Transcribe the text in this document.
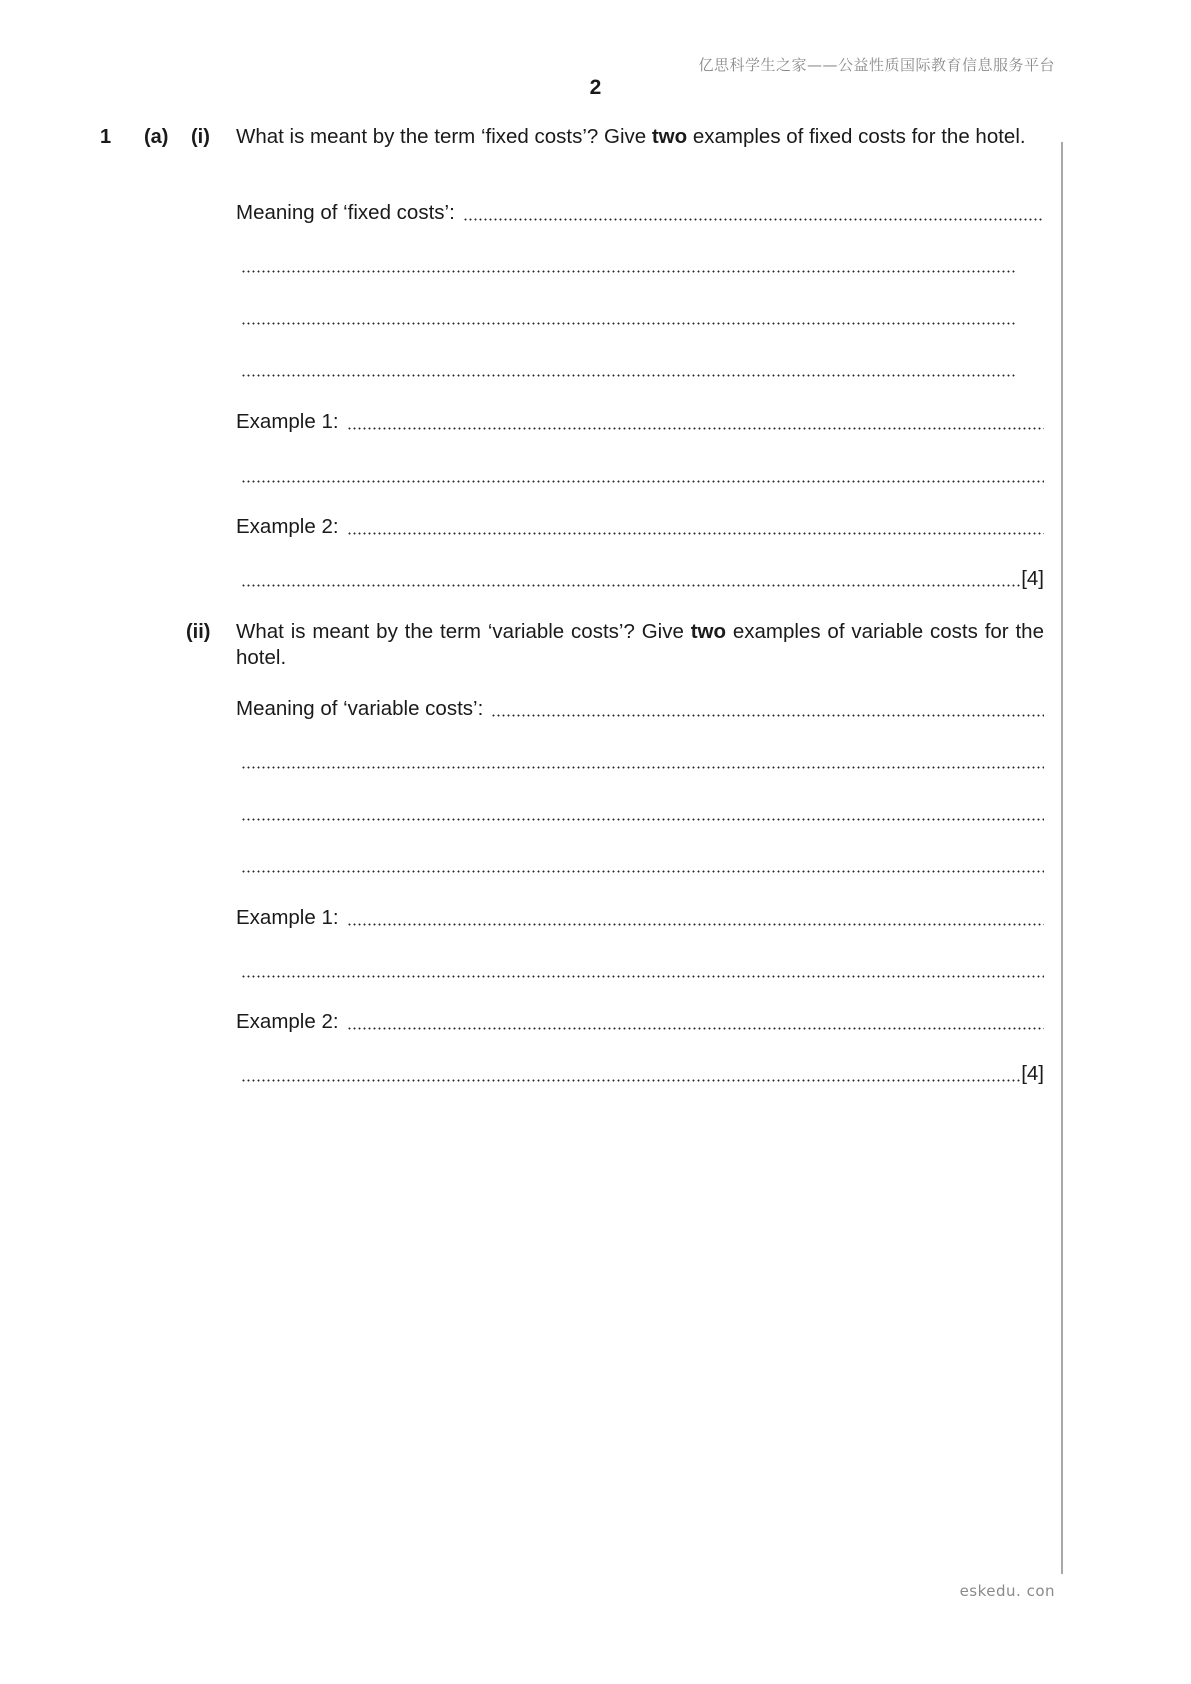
亿思科学生之家——公益性质国际教育信息服务平台
2
1 (a) (i) What is meant by the term ‘fixed costs’? Give two examples of fixed costs for the hotel.
Meaning of ‘fixed costs’:
Example 1:
Example 2:
[4]
(ii) What is meant by the term ‘variable costs’? Give two examples of variable costs for the hotel.
Meaning of ‘variable costs’:
Example 1:
Example 2:
[4]
eskedu. con
